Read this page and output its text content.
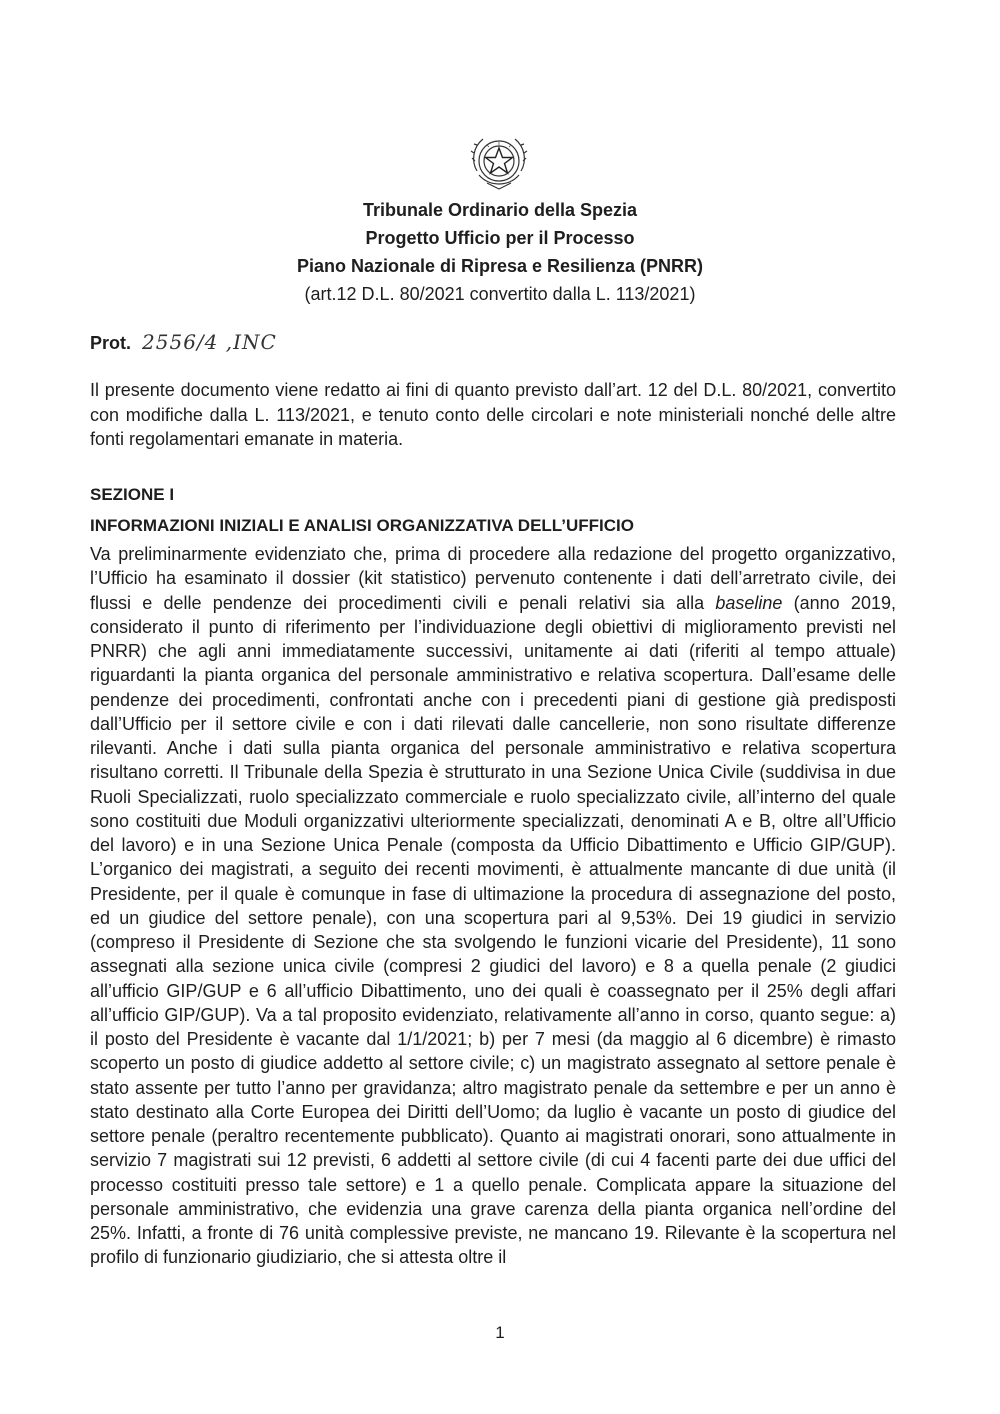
Tribunale Ordinario della Spezia
Progetto Ufficio per il Processo
Piano Nazionale di Ripresa e Resilienza (PNRR)
(art.12 D.L. 80/2021 convertito dalla L. 113/2021)
Prot. 2556/4 ,INC
Il presente documento viene redatto ai fini di quanto previsto dall’art. 12 del D.L. 80/2021, convertito con modifiche dalla L. 113/2021, e tenuto conto delle circolari e note ministeriali nonché delle altre fonti regolamentari emanate in materia.
SEZIONE I
INFORMAZIONI INIZIALI E ANALISI ORGANIZZATIVA DELL’UFFICIO
Va preliminarmente evidenziato che, prima di procedere alla redazione del progetto organizzativo, l’Ufficio ha esaminato il dossier (kit statistico) pervenuto contenente i dati dell’arretrato civile, dei flussi e delle pendenze dei procedimenti civili e penali relativi sia alla baseline (anno 2019, considerato il punto di riferimento per l’individuazione degli obiettivi di miglioramento previsti nel PNRR) che agli anni immediatamente successivi, unitamente ai dati (riferiti al tempo attuale) riguardanti la pianta organica del personale amministrativo e relativa scopertura. Dall’esame delle pendenze dei procedimenti, confrontati anche con i precedenti piani di gestione già predisposti dall’Ufficio per il settore civile e con i dati rilevati dalle cancellerie, non sono risultate differenze rilevanti. Anche i dati sulla pianta organica del personale amministrativo e relativa scopertura risultano corretti. Il Tribunale della Spezia è strutturato in una Sezione Unica Civile (suddivisa in due Ruoli Specializzati, ruolo specializzato commerciale e ruolo specializzato civile, all’interno del quale sono costituiti due Moduli organizzativi ulteriormente specializzati, denominati A e B, oltre all’Ufficio del lavoro) e in una Sezione Unica Penale (composta da Ufficio Dibattimento e Ufficio GIP/GUP). L’organico dei magistrati, a seguito dei recenti movimenti, è attualmente mancante di due unità (il Presidente, per il quale è comunque in fase di ultimazione la procedura di assegnazione del posto, ed un giudice del settore penale), con una scopertura pari al 9,53%. Dei 19 giudici in servizio (compreso il Presidente di Sezione che sta svolgendo le funzioni vicarie del Presidente), 11 sono assegnati alla sezione unica civile (compresi 2 giudici del lavoro) e 8 a quella penale (2 giudici all’ufficio GIP/GUP e 6 all’ufficio Dibattimento, uno dei quali è coassegnato per il 25% degli affari all’ufficio GIP/GUP). Va a tal proposito evidenziato, relativamente all’anno in corso, quanto segue: a) il posto del Presidente è vacante dal 1/1/2021; b) per 7 mesi (da maggio al 6 dicembre) è rimasto scoperto un posto di giudice addetto al settore civile; c) un magistrato assegnato al settore penale è stato assente per tutto l’anno per gravidanza; altro magistrato penale da settembre e per un anno è stato destinato alla Corte Europea dei Diritti dell’Uomo; da luglio è vacante un posto di giudice del settore penale (peraltro recentemente pubblicato). Quanto ai magistrati onorari, sono attualmente in servizio 7 magistrati sui 12 previsti, 6 addetti al settore civile (di cui 4 facenti parte dei due uffici del processo costituiti presso tale settore) e 1 a quello penale. Complicata appare la situazione del personale amministrativo, che evidenzia una grave carenza della pianta organica nell’ordine del 25%. Infatti, a fronte di 76 unità complessive previste, ne mancano 19. Rilevante è la scopertura nel profilo di funzionario giudiziario, che si attesta oltre il
1
